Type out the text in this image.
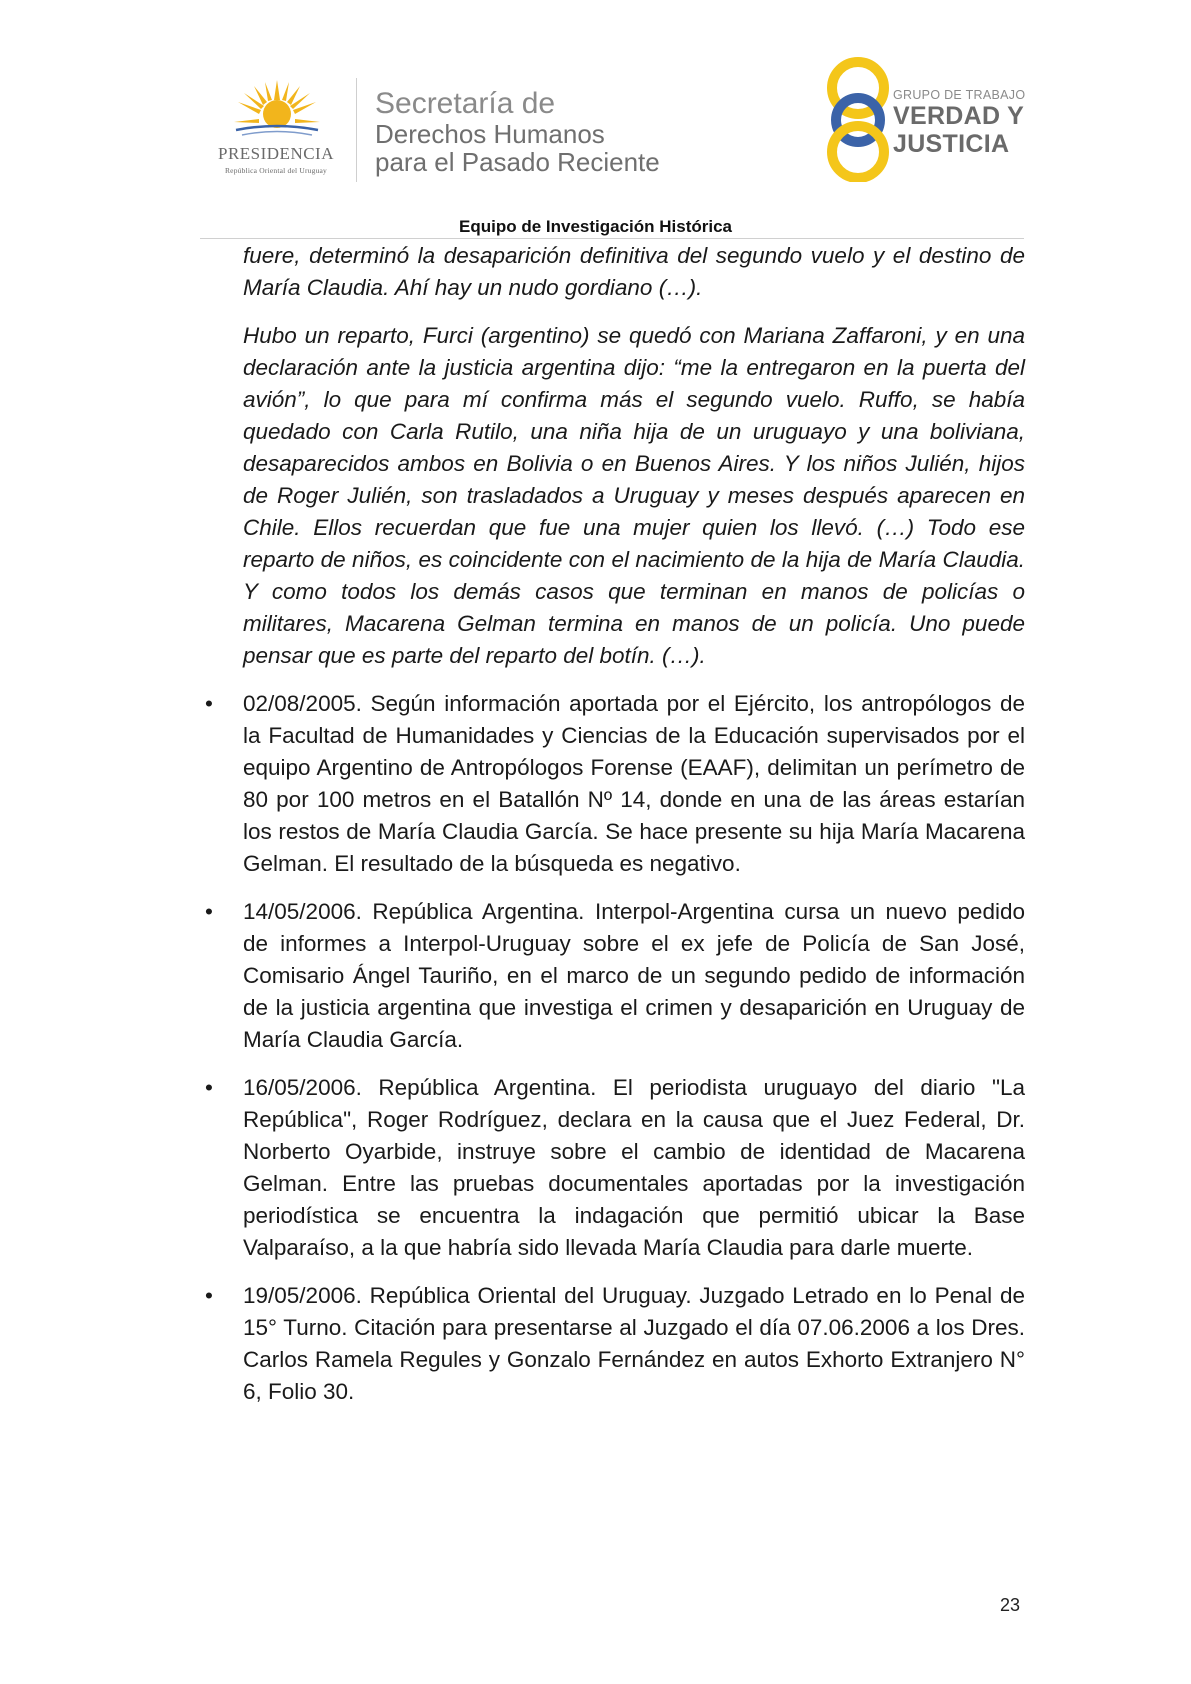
PRESIDENCIA
República Oriental del Uruguay
Secretaría de
Derechos Humanos
para el Pasado Reciente
GRUPO DE TRABAJO
VERDAD Y
JUSTICIA
Equipo de Investigación Histórica

fuere, determinó la desaparición definitiva del segundo vuelo y el destino de María Claudia. Ahí hay un nudo gordiano (…).

Hubo un reparto, Furci (argentino) se quedó con Mariana Zaffaroni, y en una declaración ante la justicia argentina dijo: “me la entregaron en la puerta del avión”, lo que para mí confirma más el segundo vuelo. Ruffo, se había quedado con Carla Rutilo, una niña hija de un uruguayo y una boliviana, desaparecidos ambos en Bolivia o en Buenos Aires. Y los niños Julién, hijos de Roger Julién, son trasladados a Uruguay y meses después aparecen en Chile. Ellos recuerdan que fue una mujer quien los llevó. (…) Todo ese reparto de niños, es coincidente con el nacimiento de la hija de María Claudia. Y como todos los demás casos que terminan en manos de policías o militares, Macarena Gelman termina en manos de un policía. Uno puede pensar que es parte del reparto del botín. (…).

• 02/08/2005. Según información aportada por el Ejército, los antropólogos de la Facultad de Humanidades y Ciencias de la Educación supervisados por el equipo Argentino de Antropólogos Forense (EAAF), delimitan un perímetro de 80 por 100 metros en el Batallón Nº 14, donde en una de las áreas estarían los restos de María Claudia García. Se hace presente su hija María Macarena Gelman. El resultado de la búsqueda es negativo.
• 14/05/2006. República Argentina. Interpol-Argentina cursa un nuevo pedido de informes a Interpol-Uruguay sobre el ex jefe de Policía de San José, Comisario Ángel Tauriño, en el marco de un segundo pedido de información de la justicia argentina que investiga el crimen y desaparición en Uruguay de María Claudia García.
• 16/05/2006. República Argentina. El periodista uruguayo del diario "La República", Roger Rodríguez, declara en la causa que el Juez Federal, Dr. Norberto Oyarbide, instruye sobre el cambio de identidad de Macarena Gelman. Entre las pruebas documentales aportadas por la investigación periodística se encuentra la indagación que permitió ubicar la Base Valparaíso, a la que habría sido llevada María Claudia para darle muerte.
• 19/05/2006. República Oriental del Uruguay. Juzgado Letrado en lo Penal de 15° Turno. Citación para presentarse al Juzgado el día 07.06.2006 a los Dres. Carlos Ramela Regules y Gonzalo Fernández en autos Exhorto Extranjero N° 6, Folio 30.
23
